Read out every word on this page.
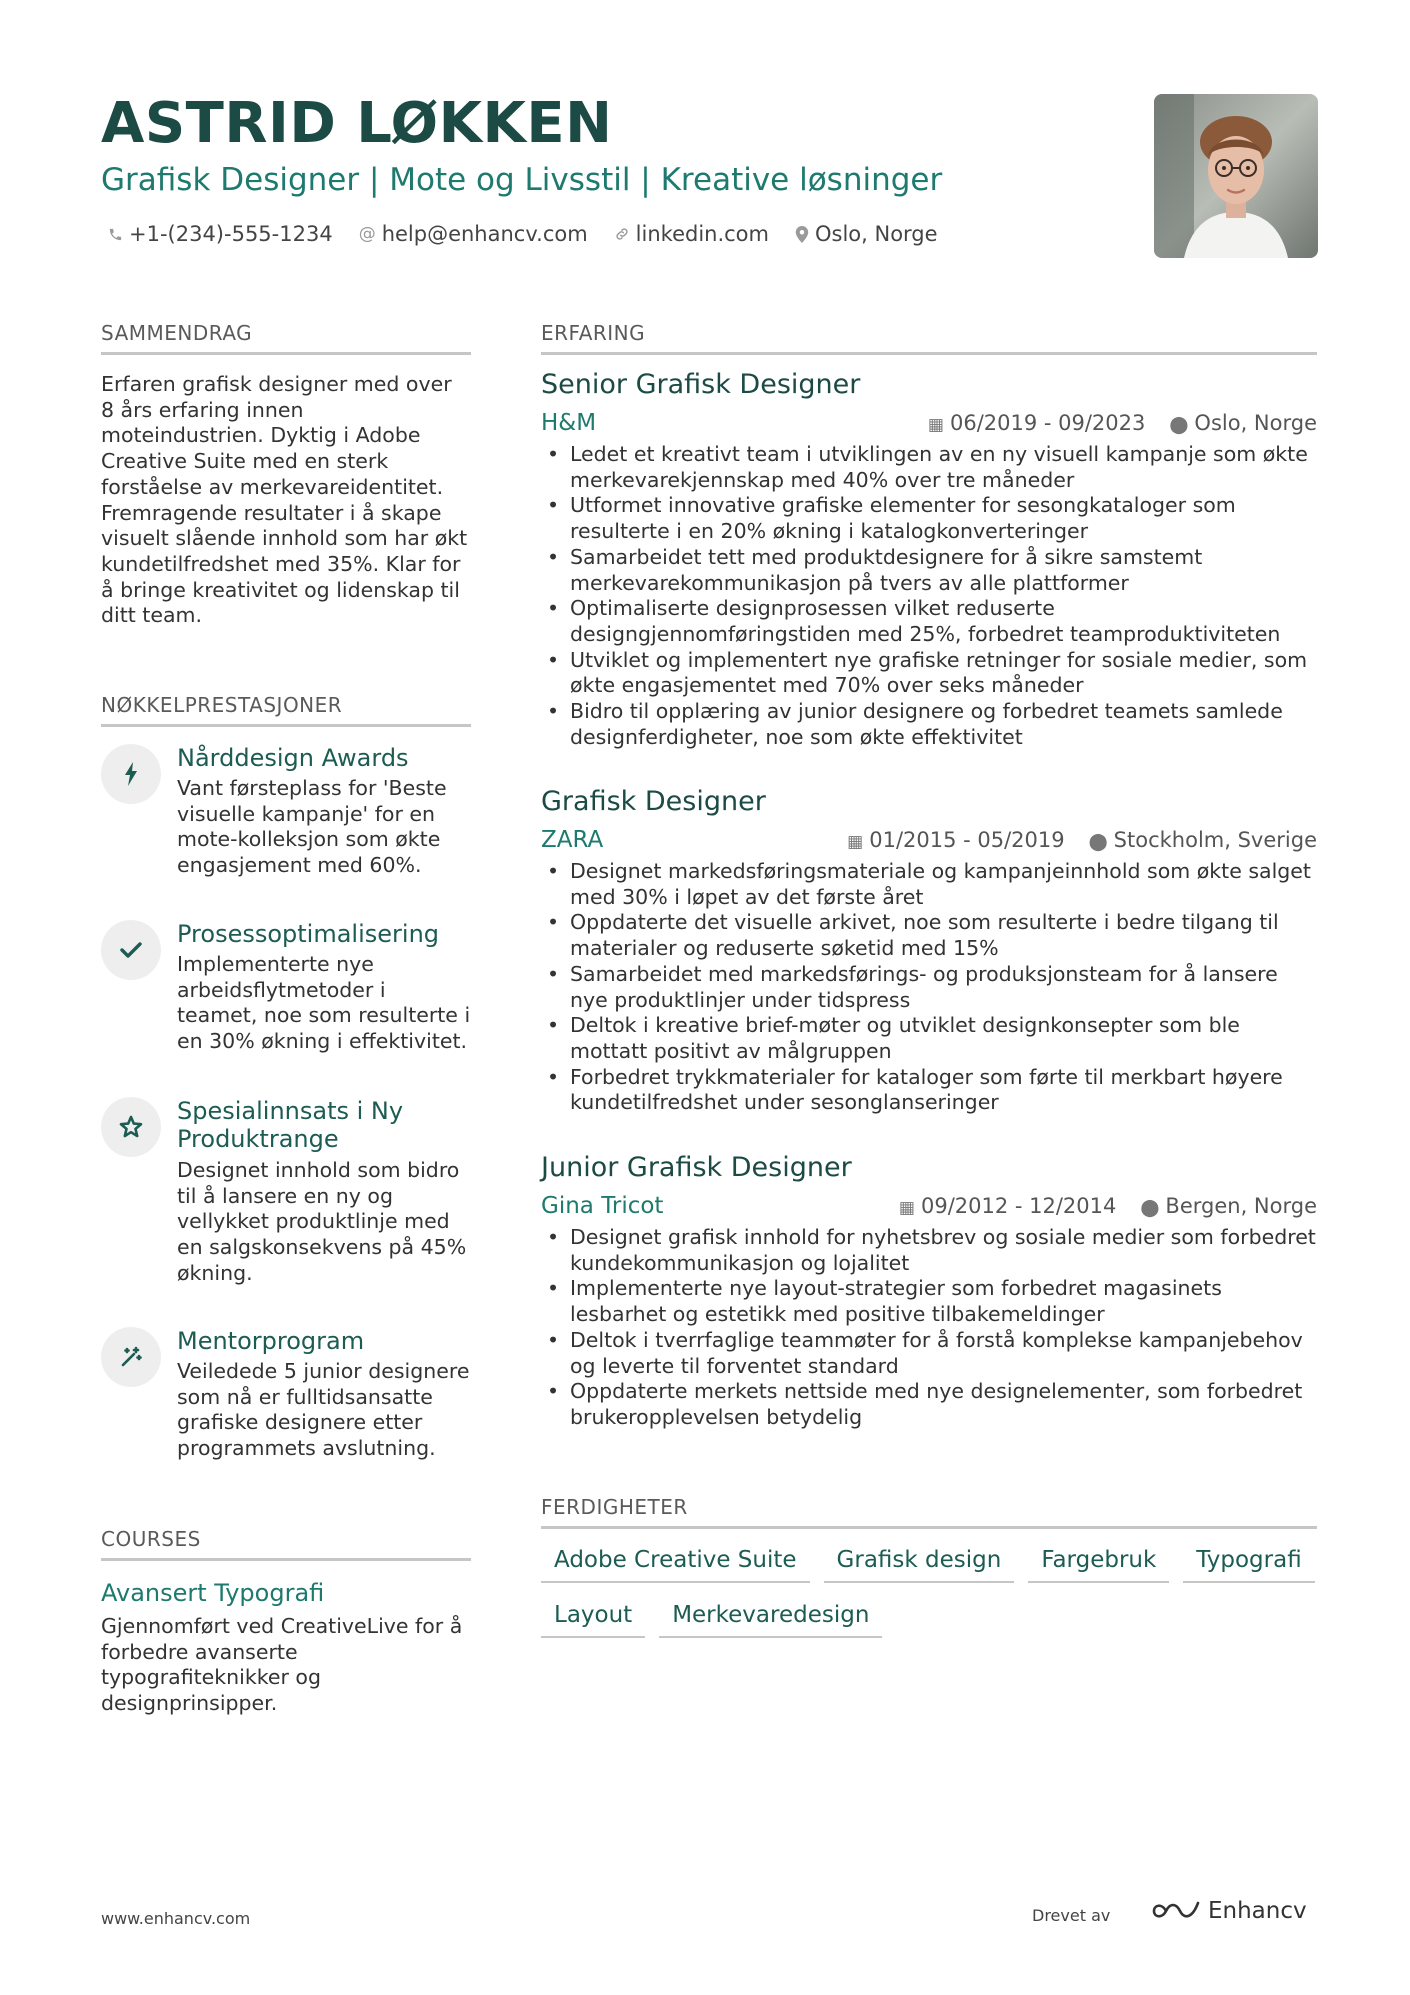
ASTRID LØKKEN
Grafisk Designer | Mote og Livsstil | Kreative løsninger
+1-(234)-555-1234 @ help@enhancv.com linkedin.com Oslo, Norge
SAMMENDRAG
Erfaren grafisk designer med over 8 års erfaring innen moteindustrien. Dyktig i Adobe Creative Suite med en sterk forståelse av merkevareidentitet. Fremragende resultater i å skape visuelt slående innhold som har økt kundetilfredshet med 35%. Klar for å bringe kreativitet og lidenskap til ditt team.
NØKKELPRESTASJONER
Nårddesign Awards
Vant førsteplass for 'Beste visuelle kampanje' for en mote-kolleksjon som økte engasjement med 60%.
Prosessoptimalisering
Implementerte nye arbeidsflytmetoder i teamet, noe som resulterte i en 30% økning i effektivitet.
Spesialinnsats i Ny Produktrange
Designet innhold som bidro til å lansere en ny og vellykket produktlinje med en salgskonsekvens på 45% økning.
Mentorprogram
Veiledede 5 junior designere som nå er fulltidsansatte grafiske designere etter programmets avslutning.
COURSES
Avansert Typografi
Gjennomført ved CreativeLive for å forbedre avanserte typografiteknikker og designprinsipper.
ERFARING
Senior Grafisk Designer
H&M	▦ 06/2019 - 09/2023 ⬤ Oslo, Norge
• Ledet et kreativt team i utviklingen av en ny visuell kampanje som økte merkevarekjennskap med 40% over tre måneder
• Utformet innovative grafiske elementer for sesongkataloger som resulterte i en 20% økning i katalogkonverteringer
• Samarbeidet tett med produktdesignere for å sikre samstemt merkevarekommunikasjon på tvers av alle plattformer
• Optimaliserte designprosessen vilket reduserte designgjennomføringstiden med 25%, forbedret teamproduktiviteten
• Utviklet og implementert nye grafiske retninger for sosiale medier, som økte engasjementet med 70% over seks måneder
• Bidro til opplæring av junior designere og forbedret teamets samlede designferdigheter, noe som økte effektivitet
Grafisk Designer
ZARA	▦ 01/2015 - 05/2019 ⬤ Stockholm, Sverige
• Designet markedsføringsmateriale og kampanjeinnhold som økte salget med 30% i løpet av det første året
• Oppdaterte det visuelle arkivet, noe som resulterte i bedre tilgang til materialer og reduserte søketid med 15%
• Samarbeidet med markedsførings- og produksjonsteam for å lansere nye produktlinjer under tidspress
• Deltok i kreative brief-møter og utviklet designkonsepter som ble mottatt positivt av målgruppen
• Forbedret trykkmaterialer for kataloger som førte til merkbart høyere kundetilfredshet under sesonglanseringer
Junior Grafisk Designer
Gina Tricot	▦ 09/2012 - 12/2014 ⬤ Bergen, Norge
• Designet grafisk innhold for nyhetsbrev og sosiale medier som forbedret kundekommunikasjon og lojalitet
• Implementerte nye layout-strategier som forbedret magasinets lesbarhet og estetikk med positive tilbakemeldinger
• Deltok i tverrfaglige teammøter for å forstå komplekse kampanjebehov og leverte til forventet standard
• Oppdaterte merkets nettside med nye designelementer, som forbedret brukeropplevelsen betydelig
FERDIGHETER
Adobe Creative Suite	Grafisk design	Fargebruk	Typografi
Layout	Merkevaredesign
www.enhancv.com	Drevet av	Enhancv
